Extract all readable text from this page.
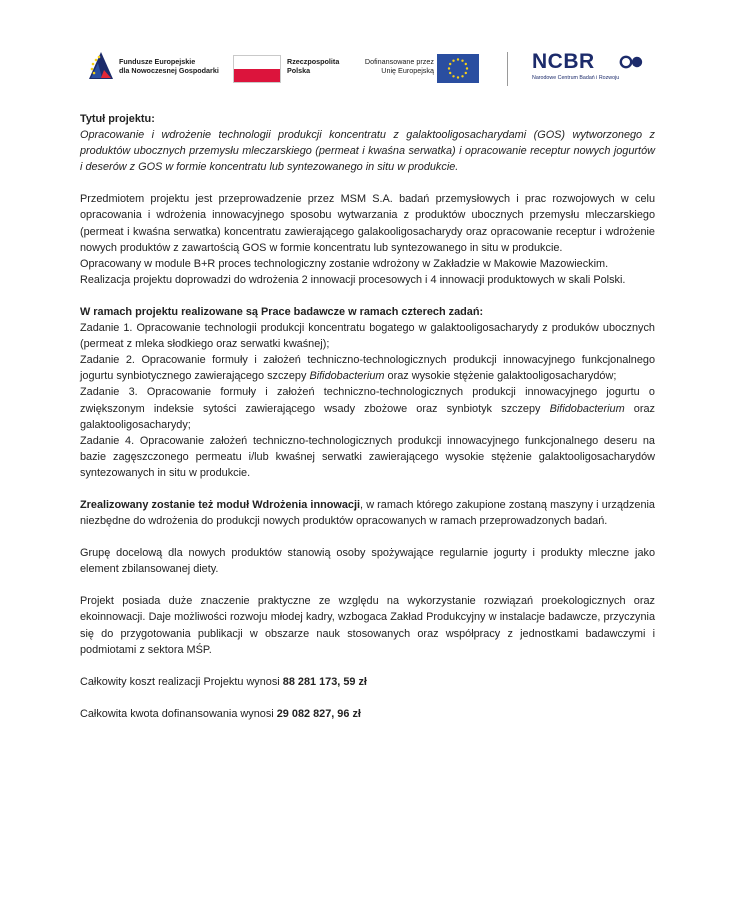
Fundusze Europejskie
dla Nowoczesnej Gospodarki
Rzeczpospolita
Polska
Dofinansowane przez
Unię Europejską	NCBR
Narodowe Centrum Badań i Rozwoju

Tytuł projektu:

Opracowanie i wdrożenie technologii produkcji koncentratu z galaktooligosacharydami (GOS) wytworzonego z produktów ubocznych przemysłu mleczarskiego (permeat i kwaśna serwatka) i opracowanie receptur nowych jogurtów i deserów z GOS w formie koncentratu lub syntezowanego in situ w produkcie.

Przedmiotem projektu jest przeprowadzenie przez MSM S.A. badań przemysłowych i prac rozwojowych w celu opracowania i wdrożenia innowacyjnego sposobu wytwarzania z produktów ubocznych przemysłu mleczarskiego (permeat i kwaśna serwatka) koncentratu zawierającego galakooligosacharydy oraz opracowanie receptur i wdrożenie nowych produktów z zawartością GOS w formie koncentratu lub syntezowanego in situ w produkcie.

Opracowany w module B+R proces technologiczny zostanie wdrożony w Zakładzie w Makowie Mazowieckim.

Realizacja projektu doprowadzi do wdrożenia 2 innowacji procesowych i 4 innowacji produktowych w skali Polski.

W ramach projektu realizowane są Prace badawcze w ramach czterech zadań:

Zadanie 1. Opracowanie technologii produkcji koncentratu bogatego w galaktooligosacharydy z produków ubocznych (permeat z mleka słodkiego oraz serwatki kwaśnej);

Zadanie 2. Opracowanie formuły i założeń techniczno-technologicznych produkcji innowacyjnego funkcjonalnego jogurtu synbiotycznego zawierającego szczepy Bifidobacterium oraz wysokie stężenie galaktooligosacharydów;

Zadanie 3. Opracowanie formuły i założeń techniczno-technologicznych produkcji innowacyjnego jogurtu o zwiększonym indeksie sytości zawierającego wsady zbożowe oraz synbiotyk szczepy Bifidobacterium oraz galaktooligosacharydy;

Zadanie 4. Opracowanie założeń techniczno-technologicznych produkcji innowacyjnego funkcjonalnego deseru na bazie zagęszczonego permeatu i/lub kwaśnej serwatki zawierającego wysokie stężenie galaktooligosacharydów syntezowanych in situ w produkcie.

Zrealizowany zostanie też moduł Wdrożenia innowacji, w ramach którego zakupione zostaną maszyny i urządzenia niezbędne do wdrożenia do produkcji nowych produktów opracowanych w ramach przeprowadzonych badań.

Grupę docelową dla nowych produktów stanowią osoby spożywające regularnie jogurty i produkty mleczne jako element zbilansowanej diety.

Projekt posiada duże znaczenie praktyczne ze względu na wykorzystanie rozwiązań proekologicznych oraz ekoinnowacji. Daje możliwości rozwoju młodej kadry, wzbogaca Zakład Produkcyjny w instalacje badawcze, przyczynia się do przygotowania publikacji w obszarze nauk stosowanych oraz współpracy z jednostkami badawczymi i podmiotami z sektora MŚP.

Całkowity koszt realizacji Projektu wynosi 88 281 173, 59 zł

Całkowita kwota dofinansowania wynosi 29 082 827, 96 zł
